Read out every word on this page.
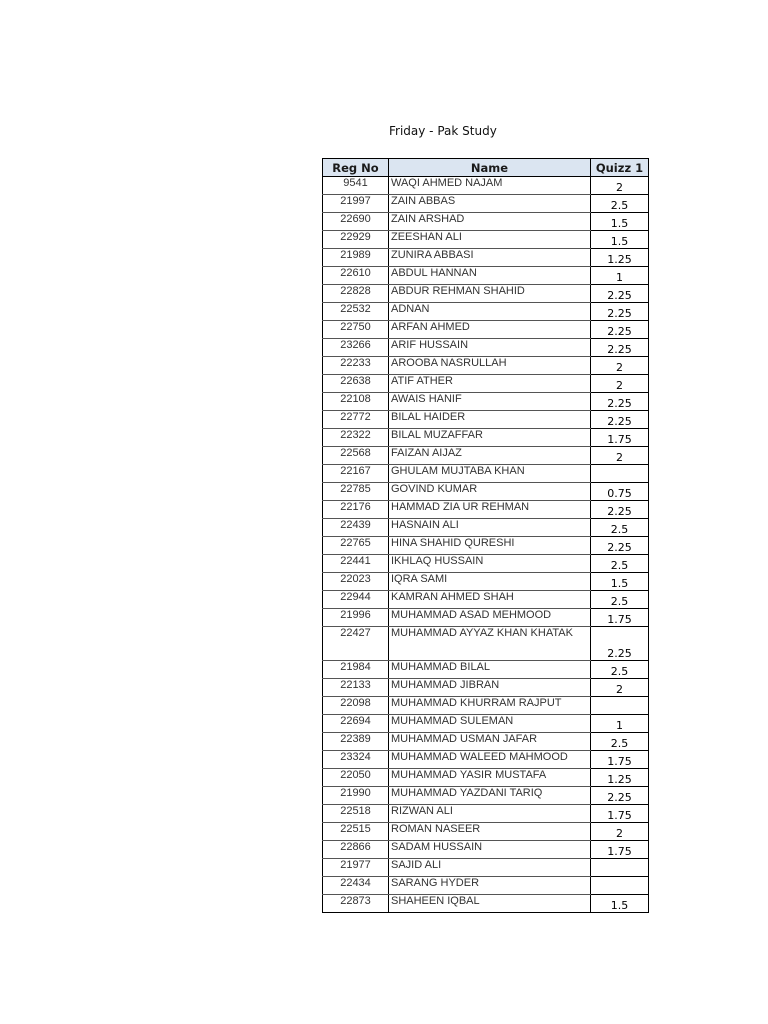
Friday - Pak Study
Reg No	Name	Quizz 1
9541	WAQI AHMED NAJAM	2
21997	ZAIN ABBAS	2.5
22690	ZAIN ARSHAD	1.5
22929	ZEESHAN ALI	1.5
21989	ZUNIRA ABBASI	1.25
22610	ABDUL HANNAN	1
22828	ABDUR REHMAN SHAHID	2.25
22532	ADNAN	2.25
22750	ARFAN AHMED	2.25
23266	ARIF HUSSAIN	2.25
22233	AROOBA NASRULLAH	2
22638	ATIF ATHER	2
22108	AWAIS HANIF	2.25
22772	BILAL HAIDER	2.25
22322	BILAL MUZAFFAR	1.75
22568	FAIZAN AIJAZ	2
22167	GHULAM MUJTABA KHAN	
22785	GOVIND KUMAR	0.75
22176	HAMMAD ZIA UR REHMAN	2.25
22439	HASNAIN ALI	2.5
22765	HINA SHAHID QURESHI	2.25
22441	IKHLAQ HUSSAIN	2.5
22023	IQRA SAMI	1.5
22944	KAMRAN AHMED SHAH	2.5
21996	MUHAMMAD ASAD MEHMOOD	1.75
22427	MUHAMMAD AYYAZ KHAN KHATAK	2.25
21984	MUHAMMAD BILAL	2.5
22133	MUHAMMAD JIBRAN	2
22098	MUHAMMAD KHURRAM RAJPUT	
22694	MUHAMMAD SULEMAN	1
22389	MUHAMMAD USMAN JAFAR	2.5
23324	MUHAMMAD WALEED MAHMOOD	1.75
22050	MUHAMMAD YASIR MUSTAFA	1.25
21990	MUHAMMAD YAZDANI TARIQ	2.25
22518	RIZWAN ALI	1.75
22515	ROMAN NASEER	2
22866	SADAM HUSSAIN	1.75
21977	SAJID ALI	
22434	SARANG HYDER	
22873	SHAHEEN IQBAL	1.5
